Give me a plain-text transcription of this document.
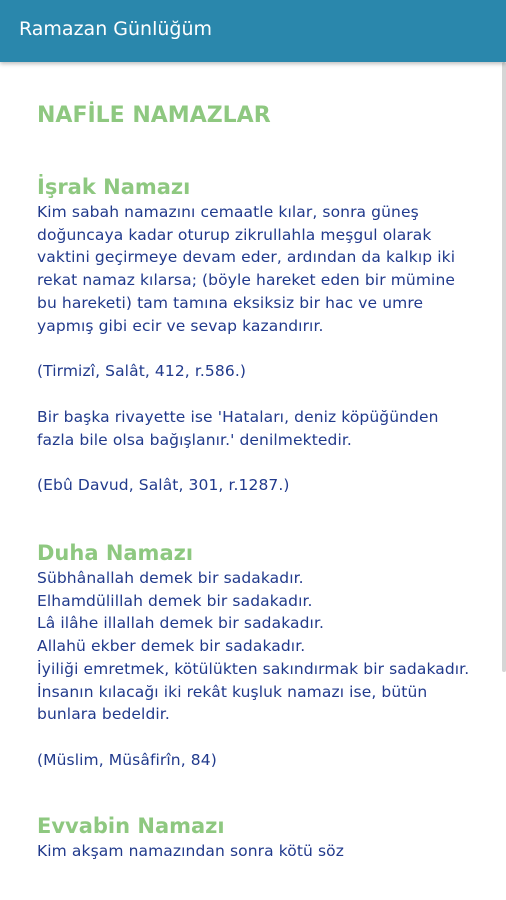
Ramazan Günlüğüm
NAFİLE NAMAZLAR
İşrak Namazı

Kim sabah namazını cemaatle kılar, sonra güneş doğuncaya kadar oturup zikrullahla meşgul olarak vaktini geçirmeye devam eder, ardından da kalkıp iki rekat namaz kılarsa; (böyle hareket eden bir mümine bu hareketi) tam tamına eksiksiz bir hac ve umre yapmış gibi ecir ve sevap kazandırır.

(Tirmizî, Salât, 412, r.586.)

Bir başka rivayette ise 'Hataları, deniz köpüğünden fazla bile olsa bağışlanır.' denilmektedir.

(Ebû Davud, Salât, 301, r.1287.)

Duha Namazı

Sübhânallah demek bir sadakadır.
Elhamdülillah demek bir sadakadır.
Lâ ilâhe illallah demek bir sadakadır.
Allahü ekber demek bir sadakadır.
İyiliği emretmek, kötülükten sakındırmak bir sadakadır.
İnsanın kılacağı iki rekât kuşluk namazı ise, bütün bunlara bedeldir.

(Müslim, Müsâfirîn, 84)

Evvabin Namazı

Kim akşam namazından sonra kötü söz
